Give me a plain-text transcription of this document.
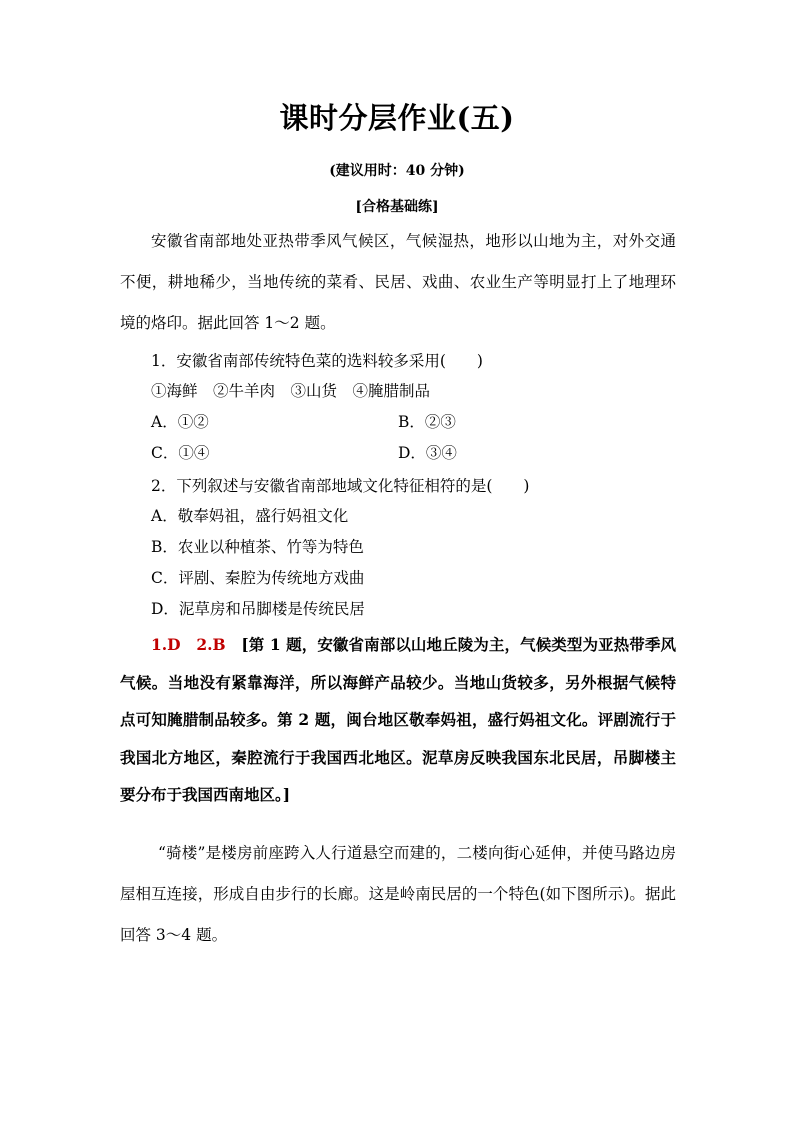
课时分层作业(五)
(建议用时：40 分钟)
[合格基础练]
安徽省南部地处亚热带季风气候区，气候湿热，地形以山地为主，对外交通不便，耕地稀少，当地传统的菜肴、民居、戏曲、农业生产等明显打上了地理环境的烙印。据此回答 1～2 题。
1．安徽省南部传统特色菜的选料较多采用(　　)
①海鲜　②牛羊肉　③山货　④腌腊制品
A．①②	B．②③
C．①④	D．③④
2．下列叙述与安徽省南部地域文化特征相符的是(　　)
A．敬奉妈祖，盛行妈祖文化
B．农业以种植茶、竹等为特色
C．评剧、秦腔为传统地方戏曲
D．泥草房和吊脚楼是传统民居
1.D　 2.B　 [第 1 题，安徽省南部以山地丘陵为主，气候类型为亚热带季风气候。当地没有紧靠海洋，所以海鲜产品较少。当地山货较多，另外根据气候特点可知腌腊制品较多。第 2 题，闽台地区敬奉妈祖，盛行妈祖文化。评剧流行于我国北方地区，秦腔流行于我国西北地区。泥草房反映我国东北民居，吊脚楼主要分布于我国西南地区。]
“骑楼”是楼房前座跨入人行道悬空而建的，二楼向街心延伸，并使马路边房屋相互连接，形成自由步行的长廊。这是岭南民居的一个特色(如下图所示)。据此回答 3～4 题。
